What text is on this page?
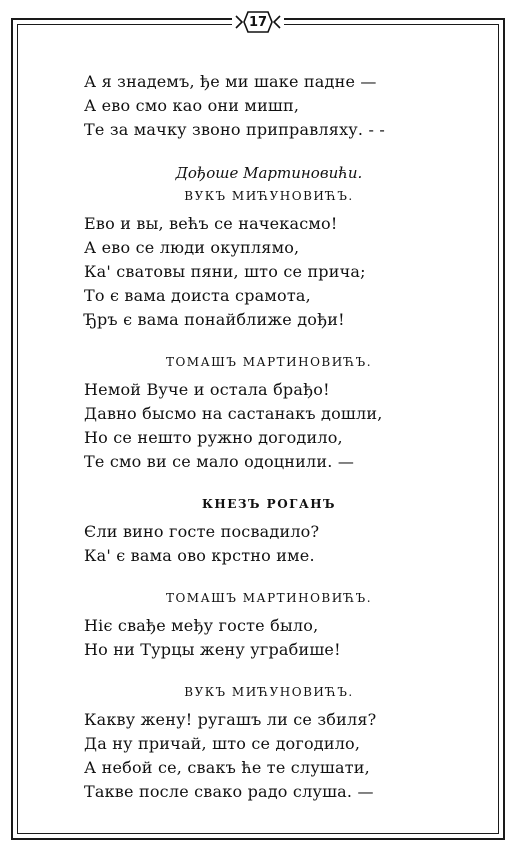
17
А я знадемъ, ђе ми шаке падне —
А ево смо као они мишп,
Те за мачку звоно приправляху. - -
Дођоше Мартиновићи.
ВУКЪ МИЋУНОВИЋЪ.
Ево и вы, већъ се начекасмо!
А ево се люди окуплямо,
Ка' сватовы пяни, што се прича;
То є вама доиста срамота,
Ђръ є вама понайближе дођи!
ТОМАШЪ МАРТИНОВИЋЪ.
Немой Вуче и остала брађо!
Давно бысмо на састанакъ дошли,
Но се нешто ружно догодило,
Те смо ви се мало одоцнили. —
КНЕЗЪ РОГАНЪ
Єли вино госте посвадило?
Ка' є вама ово крстно име.
ТОМАШЪ МАРТИНОВИЋЪ.
Ніє свађе међу госте было,
Но ни Турцы жену уграбише!
ВУКЪ МИЋУНОВИЋЪ.
Какву жену! ругашъ ли се збиля?
Да ну причай, што се догодило,
А небой се, свакъ ће те слушати,
Такве после свако радо слуша. —
